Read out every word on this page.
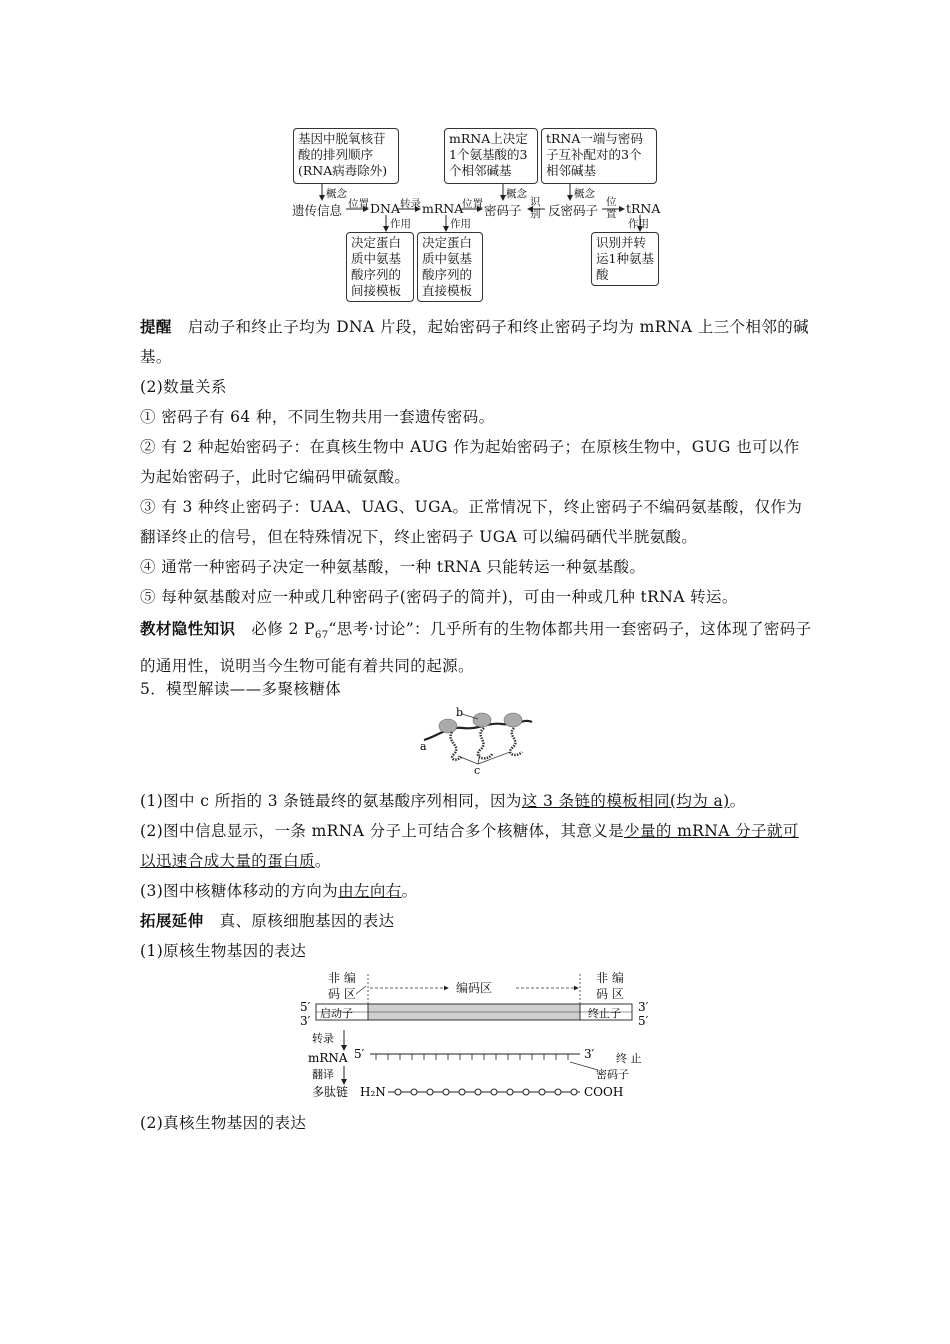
基因中脱氧核苷酸的排列顺序(RNA病毒除外)
mRNA上决定1个氨基酸的3个相邻碱基
tRNA一端与密码子互补配对的3个相邻碱基
决定蛋白质中氨基酸序列的间接模板
决定蛋白质中氨基酸序列的直接模板
识别并转运1种氨基酸
遗传信息 DNA mRNA 密码子 反密码子 tRNA
概念	概念	概念
位置	转录	位置	识别
位置
作用	作用	作用
提醒 启动子和终止子均为 DNA 片段，起始密码子和终止密码子均为 mRNA 上三个相邻的碱基。
(2)数量关系
① 密码子有 64 种，不同生物共用一套遗传密码。
② 有 2 种起始密码子：在真核生物中 AUG 作为起始密码子；在原核生物中，GUG 也可以作为起始密码子，此时它编码甲硫氨酸。
③ 有 3 种终止密码子：UAA、UAG、UGA。正常情况下，终止密码子不编码氨基酸，仅作为翻译终止的信号，但在特殊情况下，终止密码子 UGA 可以编码硒代半胱氨酸。
④ 通常一种密码子决定一种氨基酸，一种 tRNA 只能转运一种氨基酸。
⑤ 每种氨基酸对应一种或几种密码子(密码子的简并)，可由一种或几种 tRNA 转运。
教材隐性知识 必修 2 $P_{67}“$思考·讨论”：几乎所有的生物体都共用一套密码子，这体现了密码子的通用性，说明当今生物可能有着共同的起源。
5．模型解读——多聚核糖体
a
b
c
(1)图中 c 所指的 3 条链最终的氨基酸序列相同，因为这 3 条链的模板相同(均为 a)。
(2)图中信息显示，一条 mRNA 分子上可结合多个核糖体，其意义是少量的 mRNA 分子就可以迅速合成大量的蛋白质。
(3)图中核糖体移动的方向为由左向右。
拓展延伸 真、原核细胞基因的表达
(1)原核生物基因的表达
非 编
码 区	编码区
非 编
码 区
启动子	终止子
5′
3′
3′
5′
转录
mRNA 5′	3′ 终 止
密码子
翻译
多肽链 H₂N	COOH
(2)真核生物基因的表达
